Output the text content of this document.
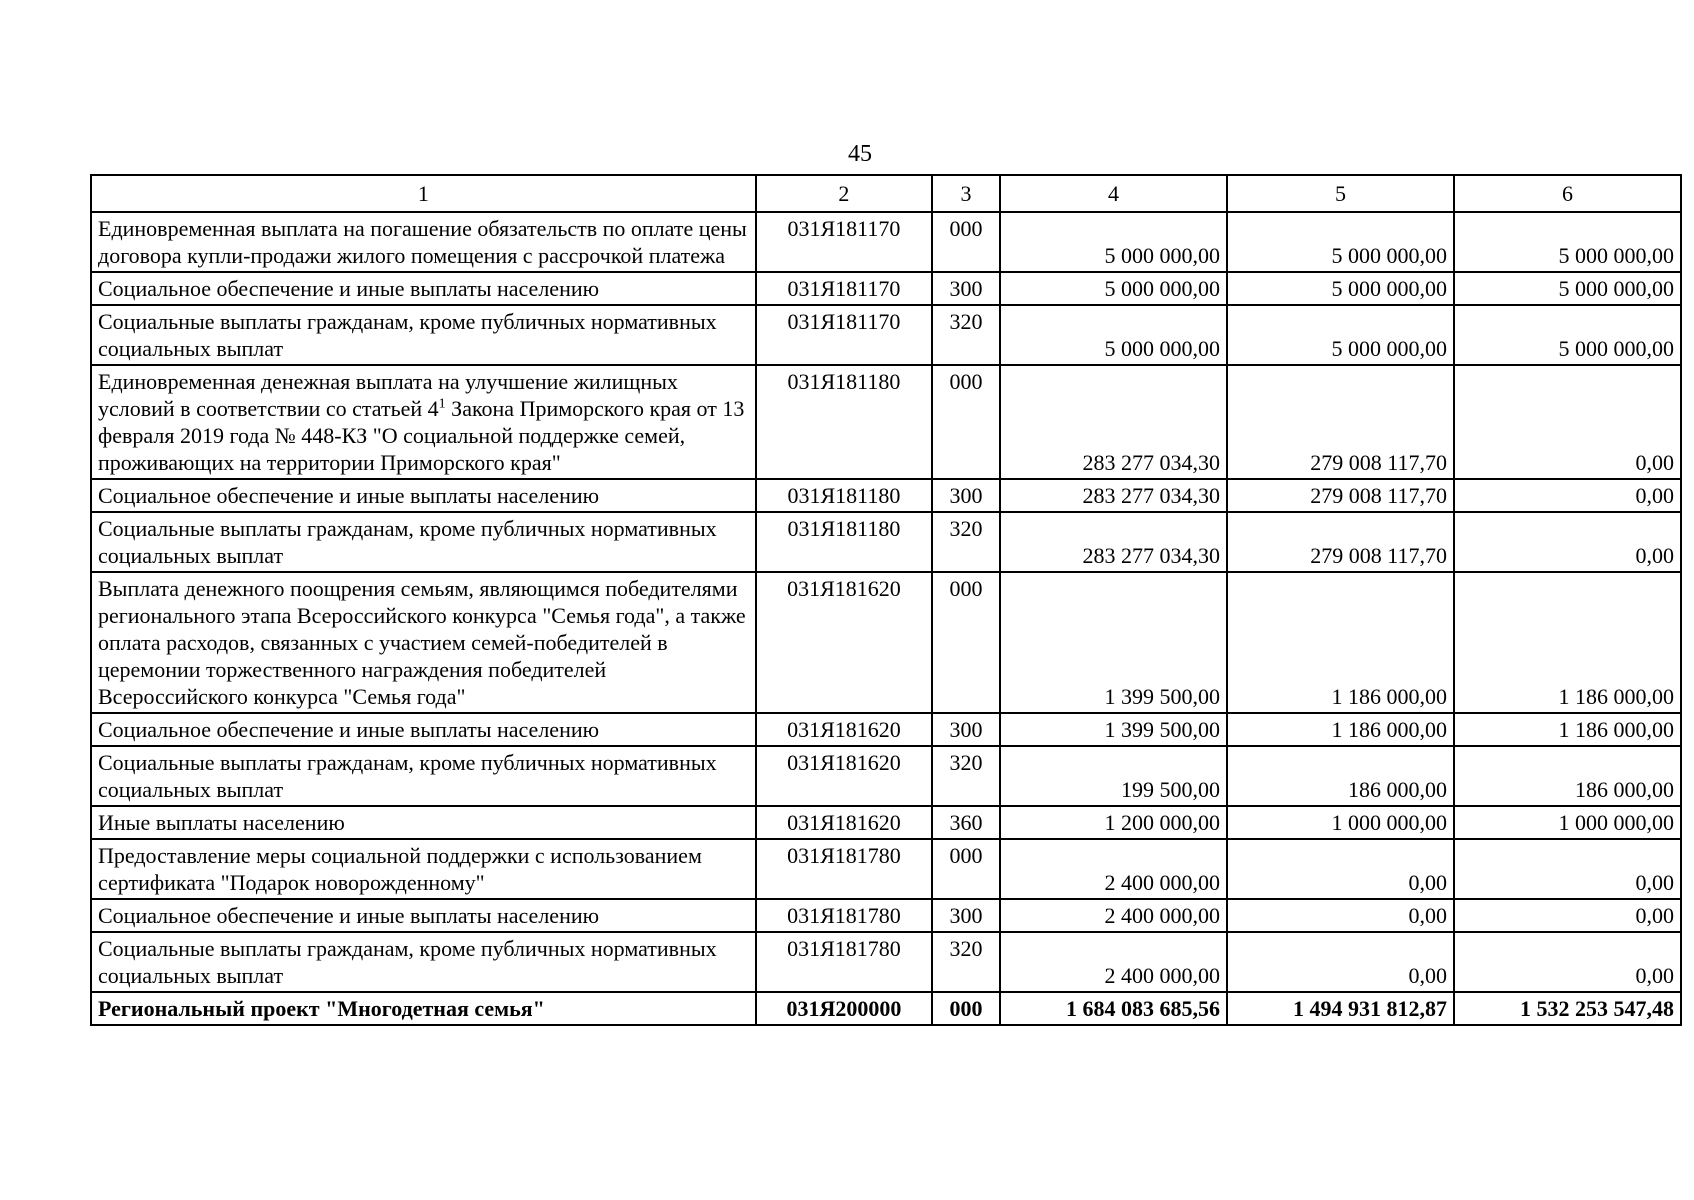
45
1	2	3	4	5	6
Единовременная выплата на погашение обязательств по оплате цены договора купли-продажи жилого помещения с рассрочкой платежа	031Я181170	000	5 000 000,00	5 000 000,00	5 000 000,00
Социальное обеспечение и иные выплаты населению	031Я181170	300	5 000 000,00	5 000 000,00	5 000 000,00
Социальные выплаты гражданам, кроме публичных нормативных социальных выплат	031Я181170	320	5 000 000,00	5 000 000,00	5 000 000,00
Единовременная денежная выплата на улучшение жилищных условий в соответствии со статьей $4^1$ Закона Приморского края от 13 февраля 2019 года № 448-КЗ "О социальной поддержке семей, проживающих на территории Приморского края"	031Я181180	000	283 277 034,30	279 008 117,70	0,00
Социальное обеспечение и иные выплаты населению	031Я181180	300	283 277 034,30	279 008 117,70	0,00
Социальные выплаты гражданам, кроме публичных нормативных социальных выплат	031Я181180	320	283 277 034,30	279 008 117,70	0,00
Выплата денежного поощрения семьям, являющимся победителями регионального этапа Всероссийского конкурса "Семья года", а также оплата расходов, связанных с участием семей-победителей в церемонии торжественного награждения победителей Всероссийского конкурса "Семья года"	031Я181620	000	1 399 500,00	1 186 000,00	1 186 000,00
Социальное обеспечение и иные выплаты населению	031Я181620	300	1 399 500,00	1 186 000,00	1 186 000,00
Социальные выплаты гражданам, кроме публичных нормативных социальных выплат	031Я181620	320	199 500,00	186 000,00	186 000,00
Иные выплаты населению	031Я181620	360	1 200 000,00	1 000 000,00	1 000 000,00
Предоставление меры социальной поддержки с использованием сертификата "Подарок новорожденному"	031Я181780	000	2 400 000,00	0,00	0,00
Социальное обеспечение и иные выплаты населению	031Я181780	300	2 400 000,00	0,00	0,00
Социальные выплаты гражданам, кроме публичных нормативных социальных выплат	031Я181780	320	2 400 000,00	0,00	0,00
Региональный проект "Многодетная семья"	031Я200000	000	1 684 083 685,56	1 494 931 812,87	1 532 253 547,48
